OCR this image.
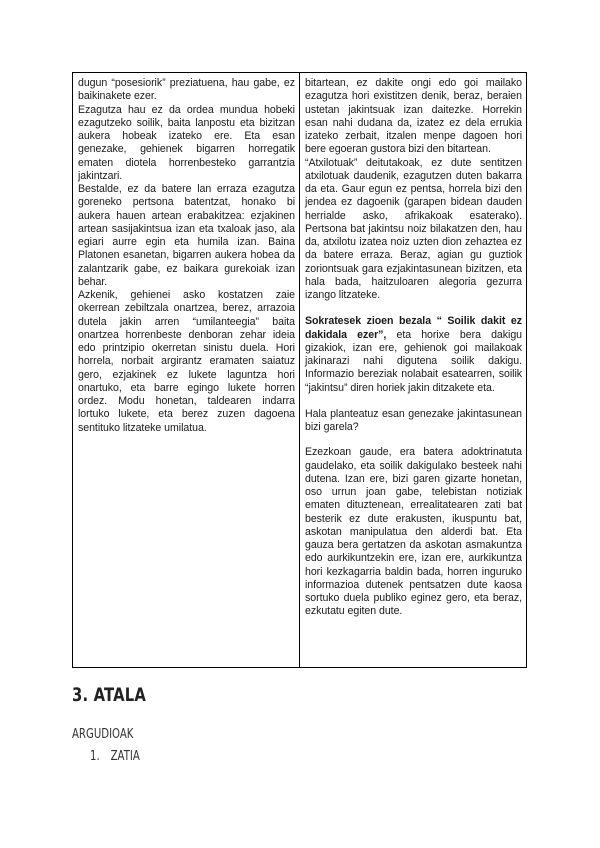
dugun “posesiorik” preziatuena, hau gabe, ez baikinakete ezer.

Ezagutza hau ez da ordea mundua hobeki ezagutzeko soilik, baita lanpostu eta bizitzan aukera hobeak izateko ere. Eta esan genezake, gehienek bigarren horregatik ematen diotela horrenbesteko garrantzia jakintzari.

Bestalde, ez da batere lan erraza ezagutza goreneko pertsona batentzat, honako bi aukera hauen artean erabakitzea: ezjakinen artean sasijakintsua izan eta txaloak jaso, ala egiari aurre egin eta humila izan. Baina Platonen esanetan, bigarren aukera hobea da zalantzarik gabe, ez baikara gurekoiak izan behar.

Azkenik, gehienei asko kostatzen zaie okerrean zebiltzala onartzea, berez, arrazoia dutela jakin arren “umilanteegia” baita onartzea horrenbeste denboran zehar ideia edo printzipio okerretan sinistu duela. Hori horrela, norbait argirantz eramaten saiatuz gero, ezjakinek ez lukete laguntza hori onartuko, eta barre egingo lukete horren ordez. Modu honetan, taldearen indarra lortuko lukete, eta berez zuzen dagoena sentituko litzateke umilatua.

bitartean, ez dakite ongi edo goi mailako ezagutza hori existitzen denik, beraz, beraien ustetan jakintsuak izan daitezke. Horrekin esan nahi dudana da, izatez ez dela errukia izateko zerbait, itzalen menpe dagoen hori bere egoeran gustora bizi den bitartean.

“Atxilotuak” deitutakoak, ez dute sentitzen atxilotuak daudenik, ezagutzen duten bakarra da eta. Gaur egun ez pentsa, horrela bizi den jendea ez dagoenik (garapen bidean dauden herrialde asko, afrikakoak esaterako). Pertsona bat jakintsu noiz bilakatzen den, hau da, atxilotu izatea noiz uzten dion zehaztea ez da batere erraza. Beraz, agian gu guztiok zoriontsuak gara ezjakintasunean bizitzen, eta hala bada, haitzuloaren alegoria gezurra izango litzateke.

Sokratesek zioen bezala “ Soilik dakit ez dakidala ezer”, eta horixe bera dakigu gizakiok, izan ere, gehienok goi mailakoak jakinarazi nahi digutena soilik dakigu. Informazio bereziak nolabait esatearren, soilik “jakintsu” diren horiek jakin ditzakete eta.

Hala planteatuz esan genezake jakintasunean bizi garela?

Ezezkoan gaude, era batera adoktrinatuta gaudelako, eta soilik dakigulako besteek nahi dutena. Izan ere, bizi garen gizarte honetan, oso urrun joan gabe, telebistan notiziak ematen dituztenean, errealitatearen zati bat besterik ez dute erakusten, ikuspuntu bat, askotan manipulatua den alderdi bat. Eta gauza bera gertatzen da askotan asmakuntza edo aurkikuntzekin ere, izan ere, aurkikuntza hori kezkagarria baldin bada, horren inguruko informazioa dutenek pentsatzen dute kaosa sortuko duela publiko eginez gero, eta beraz, ezkutatu egiten dute.

3. ATALA
ARGUDIOAK
1. ZATIA
